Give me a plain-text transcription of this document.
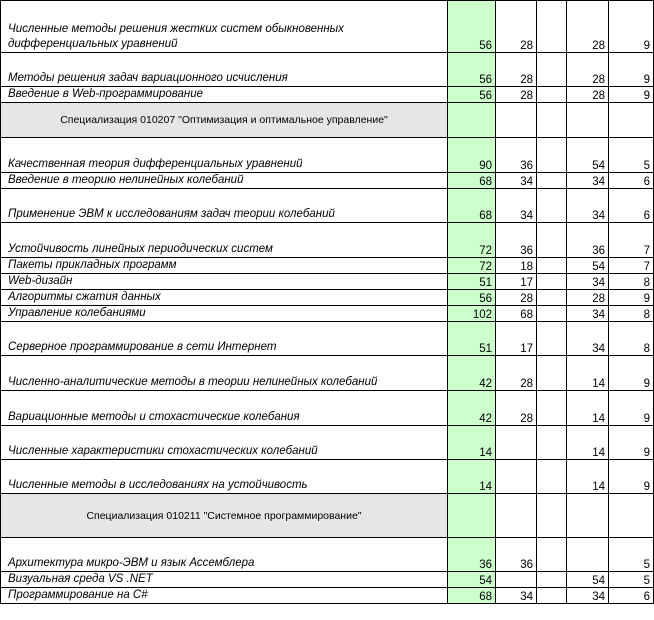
Численные методы решения жестких систем обыкновенных дифференциальных уравнений	56	28		28	9
Методы решения задач вариационного исчисления	56	28		28	9
Введение в Web-программирование	56	28		28	9
Специализация 010207 "Оптимизация и оптимальное управление"					
Качественная теория дифференциальных уравнений	90	36		54	5
Введение в теорию нелинейных колебаний	68	34		34	6
Применение ЭВМ к исследованиям задач теории колебаний	68	34		34	6
Устойчивость линейных периодических систем	72	36		36	7
Пакеты прикладных программ	72	18		54	7
Web-дизайн	51	17		34	8
Алгоритмы сжатия данных	56	28		28	9
Управление колебаниями	102	68		34	8
Серверное программирование в сети Интернет	51	17		34	8
Численно-аналитические методы в теории нелинейных колебаний	42	28		14	9
Вариационные методы и стохастические колебания	42	28		14	9
Численные характеристики стохастических колебаний	14			14	9
Численные методы в исследованиях на устойчивость	14			14	9
Специализация 010211 "Системное программирование"					
Архитектура микро-ЭВМ и язык Ассемблера	36	36			5
Визуальная среда VS .NET	54			54	5
Программирование на C#	68	34		34	6
